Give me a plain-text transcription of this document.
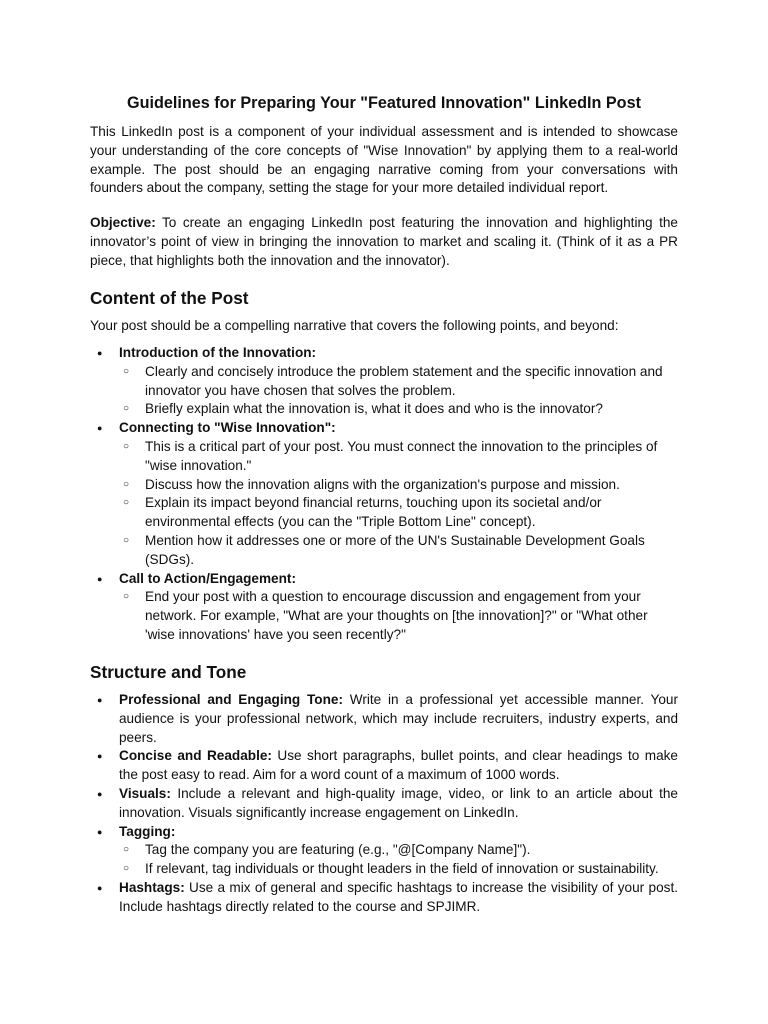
Guidelines for Preparing Your "Featured Innovation" LinkedIn Post

This LinkedIn post is a component of your individual assessment and is intended to showcase your understanding of the core concepts of "Wise Innovation" by applying them to a real-world example. The post should be an engaging narrative coming from your conversations with founders about the company, setting the stage for your more detailed individual report.

Objective: To create an engaging LinkedIn post featuring the innovation and highlighting the innovator’s point of view in bringing the innovation to market and scaling it. (Think of it as a PR piece, that highlights both the innovation and the innovator).

Content of the Post

Your post should be a compelling narrative that covers the following points, and beyond:

● Introduction of the Innovation:
○ Clearly and concisely introduce the problem statement and the specific innovation and innovator you have chosen that solves the problem.
○ Briefly explain what the innovation is, what it does and who is the innovator?
● Connecting to "Wise Innovation":
○ This is a critical part of your post. You must connect the innovation to the principles of "wise innovation."
○ Discuss how the innovation aligns with the organization's purpose and mission.
○ Explain its impact beyond financial returns, touching upon its societal and/or environmental effects (you can the "Triple Bottom Line" concept).
○ Mention how it addresses one or more of the UN's Sustainable Development Goals (SDGs).
● Call to Action/Engagement:
○ End your post with a question to encourage discussion and engagement from your network. For example, "What are your thoughts on [the innovation]?" or "What other 'wise innovations' have you seen recently?"
Structure and Tone
● Professional and Engaging Tone: Write in a professional yet accessible manner. Your audience is your professional network, which may include recruiters, industry experts, and peers.
● Concise and Readable: Use short paragraphs, bullet points, and clear headings to make the post easy to read. Aim for a word count of a maximum of 1000 words.
● Visuals: Include a relevant and high-quality image, video, or link to an article about the innovation. Visuals significantly increase engagement on LinkedIn.
● Tagging:
○ Tag the company you are featuring (e.g., "@[Company Name]").
○ If relevant, tag individuals or thought leaders in the field of innovation or sustainability.
● Hashtags: Use a mix of general and specific hashtags to increase the visibility of your post. Include hashtags directly related to the course and SPJIMR.
